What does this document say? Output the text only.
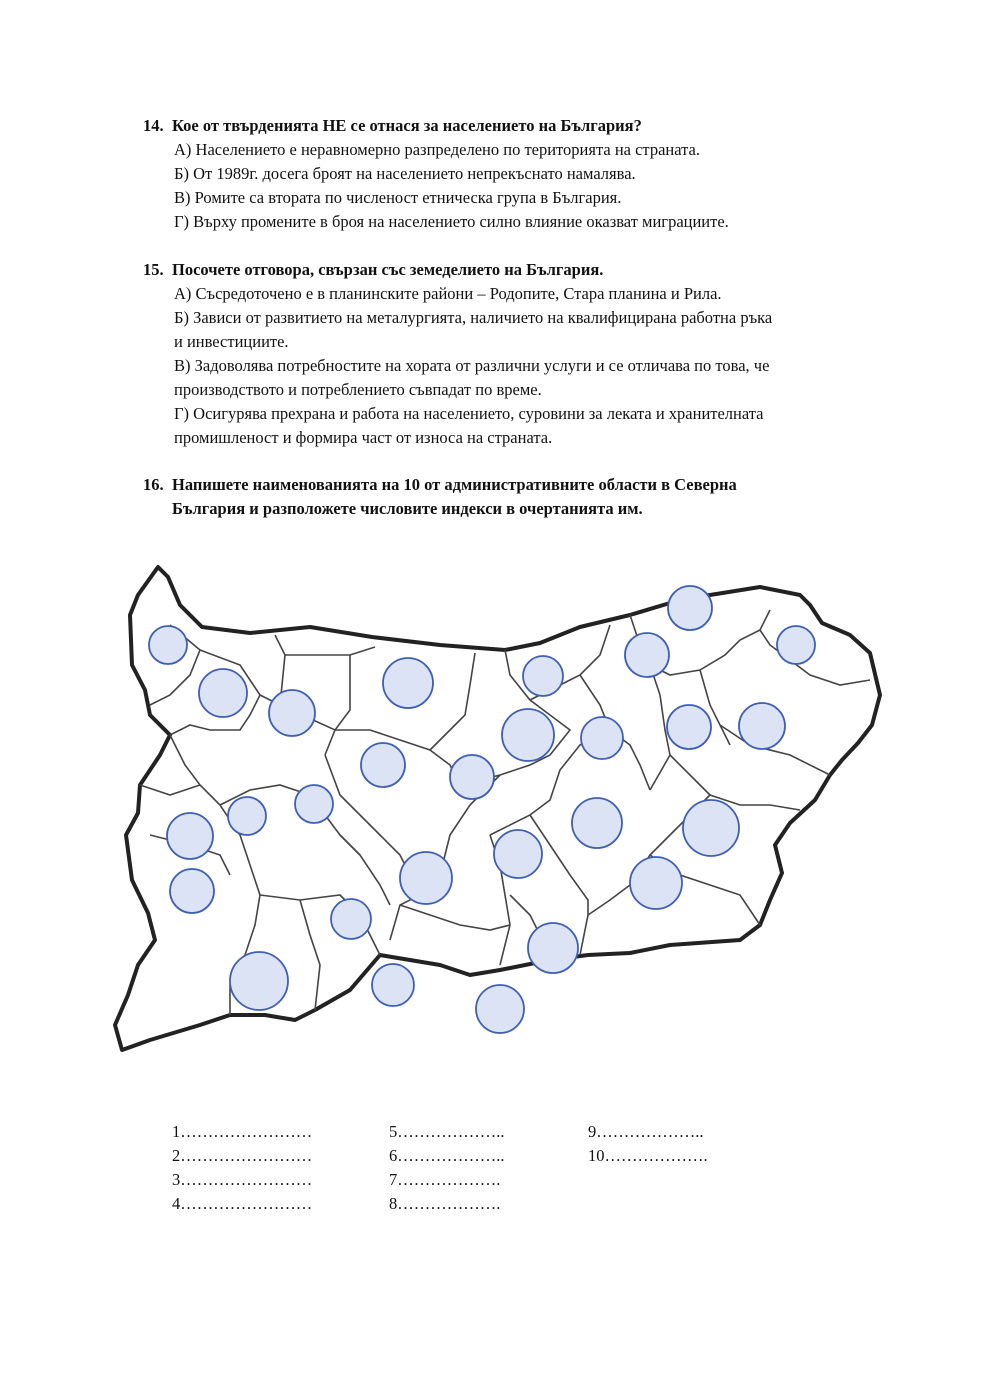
14. Кое от твърденията НЕ се отнася за населението на България?
А) Населението е неравномерно разпределено по територията на страната.
Б) От 1989г. досега броят на населението непрекъснато намалява.
В) Ромите са втората по численост етническа група в България.
Г) Върху промените в броя на населението силно влияние оказват миграциите.
15. Посочете отговора, свързан със земеделието на България.
А) Съсредоточено е в планинските райони – Родопите, Стара планина и Рила.
Б) Зависи от развитието на металургията, наличието на квалифицирана работна ръка
и инвестициите.
В) Задоволява потребностите на хората от различни услуги и се отличава по това, че
производството и потреблението съвпадат по време.
Г) Осигурява прехрана и работа на населението, суровини за леката и хранителната
промишленост и формира част от износа на страната.
16. Напишете наименованията на 10 от административните области в Северна
България и разположете числовите индекси в очертанията им.
1……………………
2……………………
3……………………
4……………………
5………………..
6………………..
7……………….
8……………….
9………………..
10……………….
